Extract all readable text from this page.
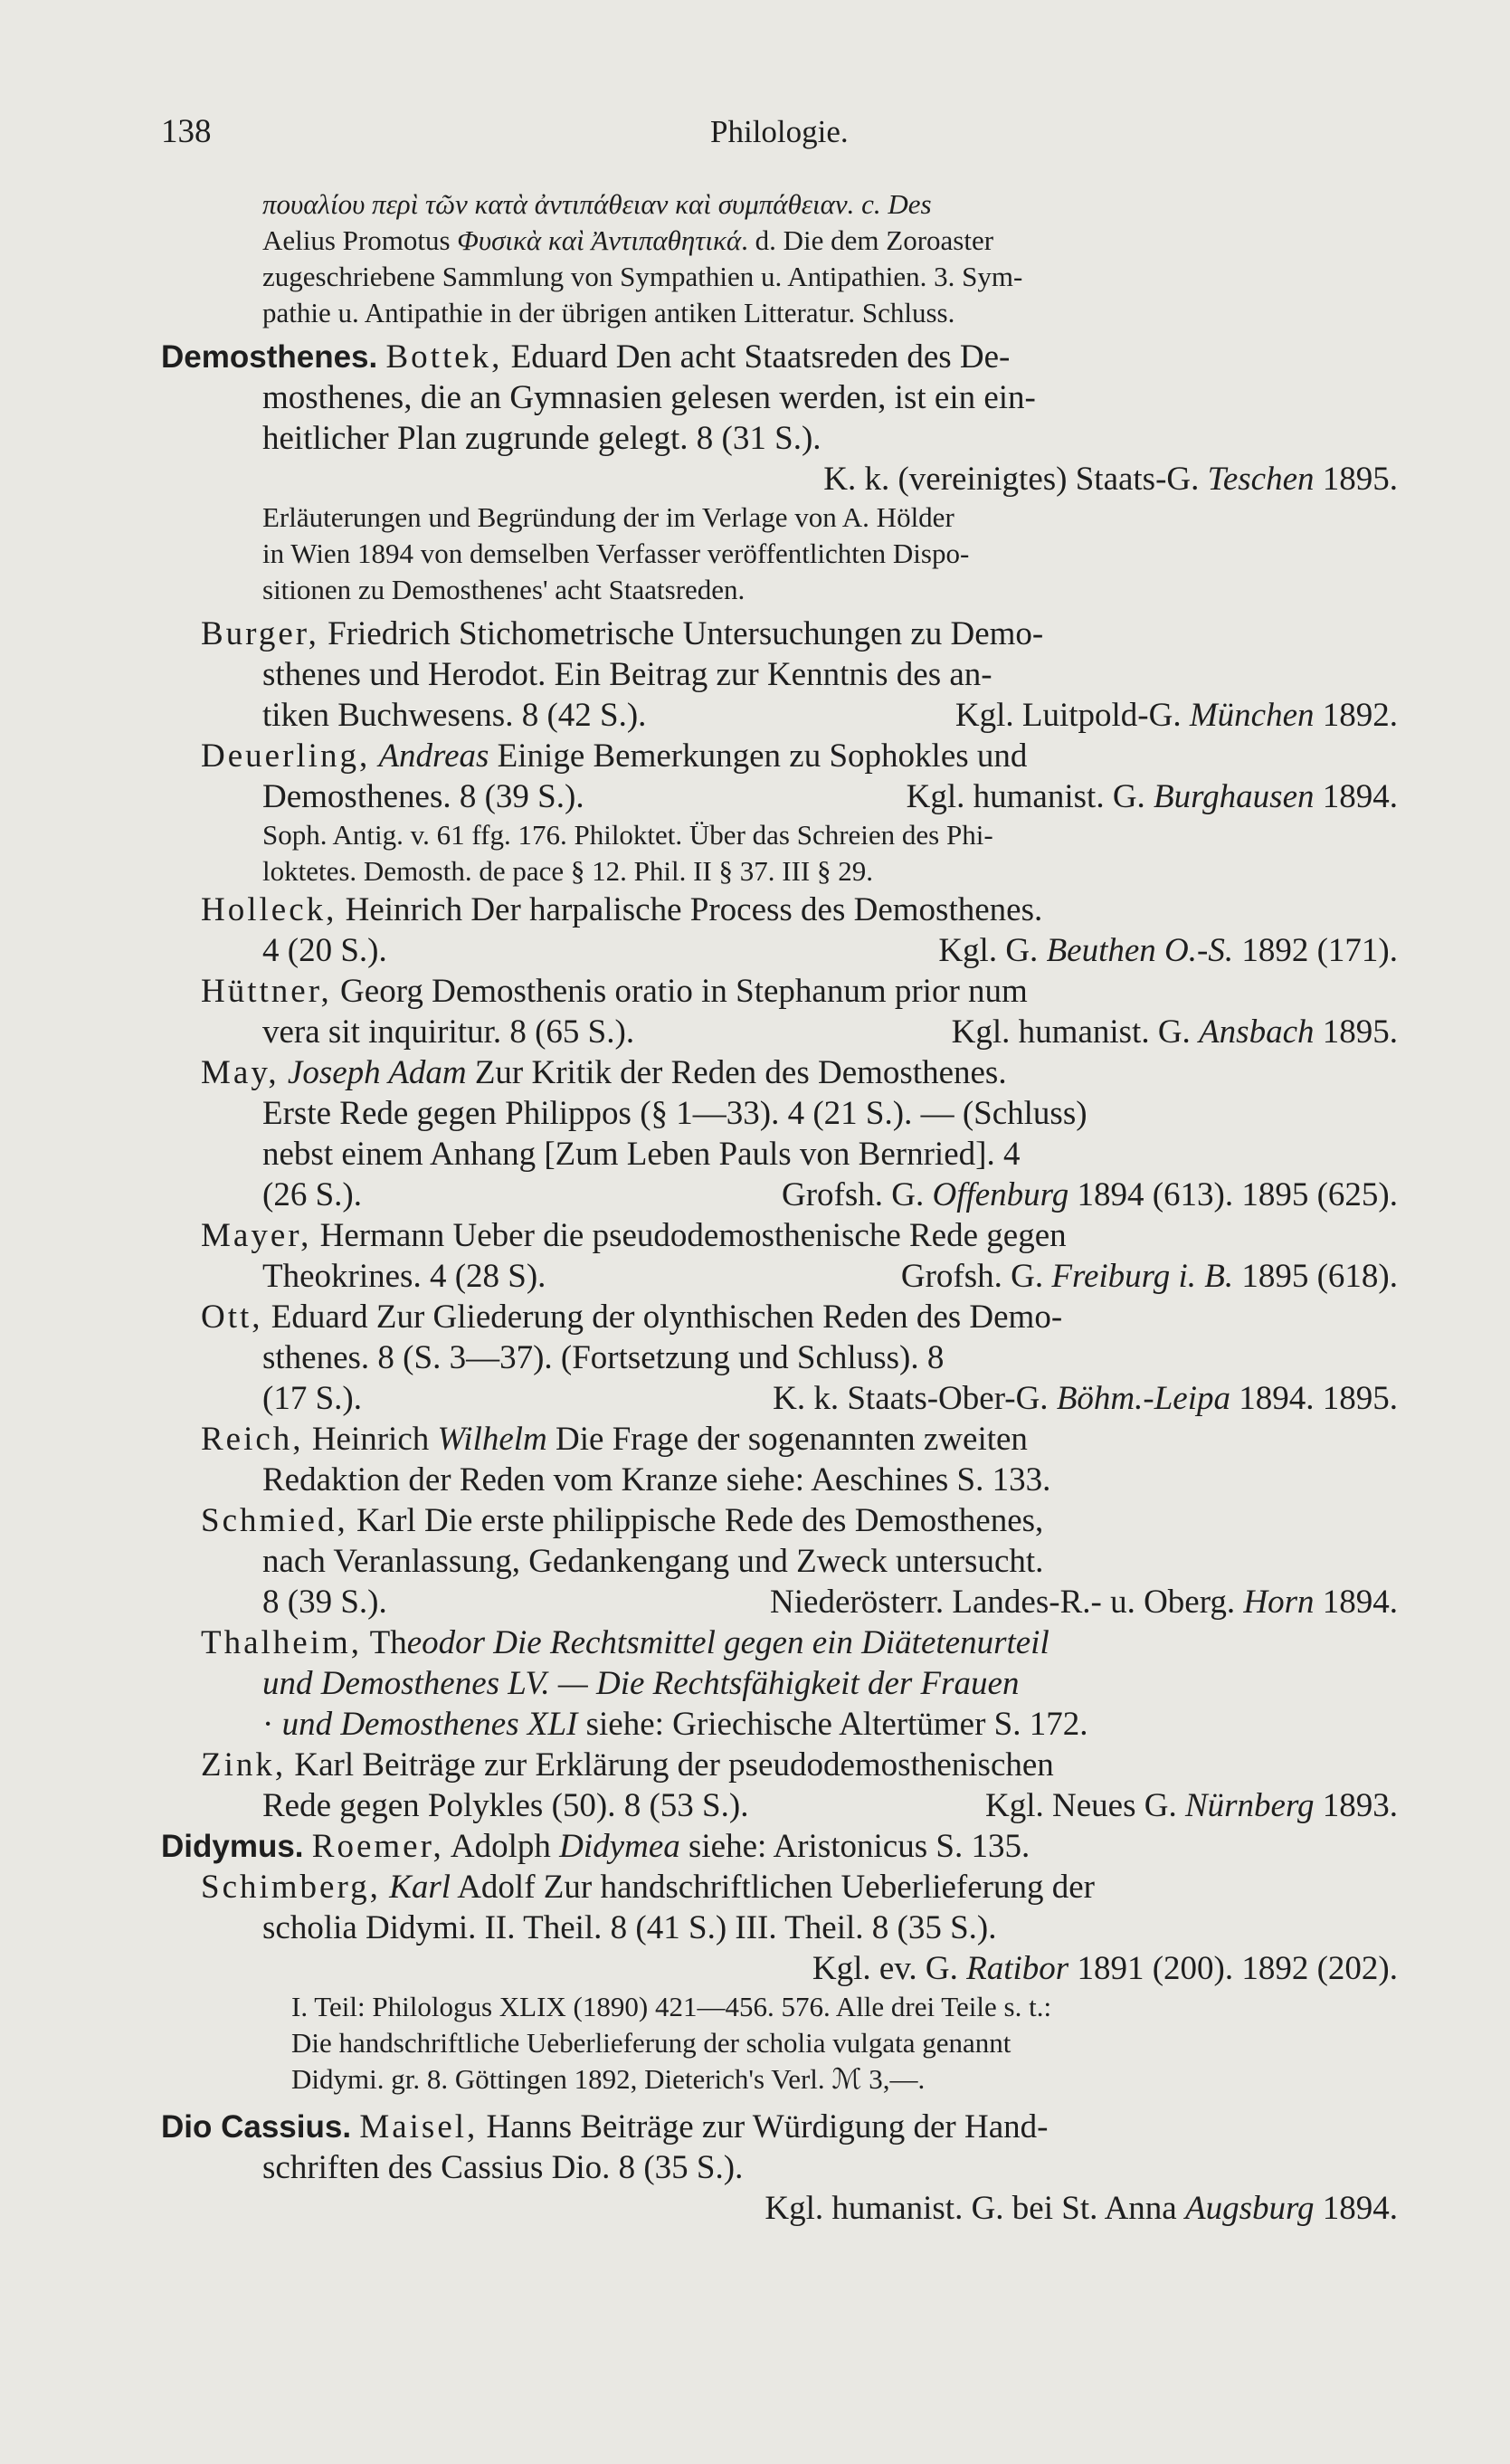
138	Philologie.
πουαλίου περὶ τῶν κατὰ ἀντιπάθειαν καὶ συμπάθειαν. c. Des
Aelius Promotus Φυσικὰ καὶ Ἀντιπαθητικά. d. Die dem Zoroaster
zugeschriebene Sammlung von Sympathien u. Antipathien. 3. Sym-
pathie u. Antipathie in der übrigen antiken Litteratur. Schluss.
Demosthenes. Bottek, Eduard Den acht Staatsreden des De-
mosthenes, die an Gymnasien gelesen werden, ist ein ein-
heitlicher Plan zugrunde gelegt. 8 (31 S.).
K. k. (vereinigtes) Staats-G. Teschen 1895.
Erläuterungen und Begründung der im Verlage von A. Hölder
in Wien 1894 von demselben Verfasser veröffentlichten Dispo-
sitionen zu Demosthenes' acht Staatsreden.
Burger, Friedrich Stichometrische Untersuchungen zu Demo-
sthenes und Herodot. Ein Beitrag zur Kenntnis des an-
tiken Buchwesens. 8 (42 S.).	Kgl. Luitpold-G. München 1892.
Deuerling, Andreas Einige Bemerkungen zu Sophokles und
Demosthenes. 8 (39 S.).	Kgl. humanist. G. Burghausen 1894.
Soph. Antig. v. 61 ffg. 176. Philoktet. Über das Schreien des Phi-
loktetes. Demosth. de pace § 12. Phil. II § 37. III § 29.
Holleck, Heinrich Der harpalische Process des Demosthenes.
4 (20 S.).	Kgl. G. Beuthen O.-S. 1892 (171).
Hüttner, Georg Demosthenis oratio in Stephanum prior num
vera sit inquiritur. 8 (65 S.).	Kgl. humanist. G. Ansbach 1895.
May, Joseph Adam Zur Kritik der Reden des Demosthenes.
Erste Rede gegen Philippos (§ 1—33). 4 (21 S.). — (Schluss)
nebst einem Anhang [Zum Leben Pauls von Bernried]. 4
(26 S.).	Grofsh. G. Offenburg 1894 (613). 1895 (625).
Mayer, Hermann Ueber die pseudodemosthenische Rede gegen
Theokrines. 4 (28 S).	Grofsh. G. Freiburg i. B. 1895 (618).
Ott, Eduard Zur Gliederung der olynthischen Reden des Demo-
sthenes. 8 (S. 3—37). (Fortsetzung und Schluss). 8
(17 S.).	K. k. Staats-Ober-G. Böhm.-Leipa 1894. 1895.
Reich, Heinrich Wilhelm Die Frage der sogenannten zweiten
Redaktion der Reden vom Kranze siehe: Aeschines S. 133.
Schmied, Karl Die erste philippische Rede des Demosthenes,
nach Veranlassung, Gedankengang und Zweck untersucht.
8 (39 S.).	Niederösterr. Landes-R.- u. Oberg. Horn 1894.
Thalheim, Theodor Die Rechtsmittel gegen ein Diätetenurteil
und Demosthenes LV. — Die Rechtsfähigkeit der Frauen
· und Demosthenes XLI siehe: Griechische Altertümer S. 172.
Zink, Karl Beiträge zur Erklärung der pseudodemosthenischen
Rede gegen Polykles (50). 8 (53 S.).	Kgl. Neues G. Nürnberg 1893.
Didymus. Roemer, Adolph Didymea siehe: Aristonicus S. 135.
Schimberg, Karl Adolf Zur handschriftlichen Ueberlieferung der
scholia Didymi. II. Theil. 8 (41 S.) III. Theil. 8 (35 S.).
Kgl. ev. G. Ratibor 1891 (200). 1892 (202).
I. Teil: Philologus XLIX (1890) 421—456. 576. Alle drei Teile s. t.:
Die handschriftliche Ueberlieferung der scholia vulgata genannt
Didymi. gr. 8. Göttingen 1892, Dieterich's Verl. ℳ 3,—.
Dio Cassius. Maisel, Hanns Beiträge zur Würdigung der Hand-
schriften des Cassius Dio. 8 (35 S.).
Kgl. humanist. G. bei St. Anna Augsburg 1894.
